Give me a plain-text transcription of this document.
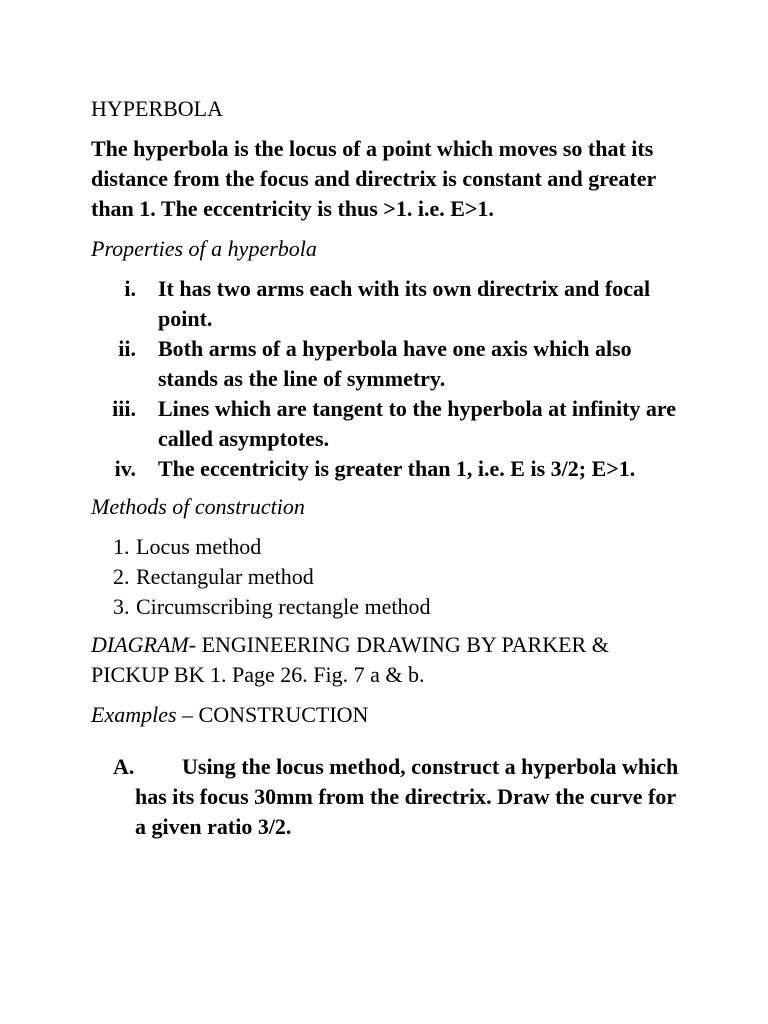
HYPERBOLA

The hyperbola is the locus of a point which moves so that its distance from the focus and directrix is constant and greater than 1. The eccentricity is thus >1. i.e. E>1.

Properties of a hyperbola

i.	It has two arms each with its own directrix and focal point.
ii.	Both arms of a hyperbola have one axis which also stands as the line of symmetry.
iii.	Lines which are tangent to the hyperbola at infinity are called asymptotes.
iv.	The eccentricity is greater than 1, i.e. E is 3/2; E>1.

Methods of construction

1. Locus method
2. Rectangular method
3. Circumscribing rectangle method

DIAGRAM- ENGINEERING DRAWING BY PARKER & PICKUP BK 1. Page 26. Fig. 7 a & b.

Examples – CONSTRUCTION

A. Using the locus method, construct a hyperbola which has its focus 30mm from the directrix. Draw the curve for a given ratio 3/2.
